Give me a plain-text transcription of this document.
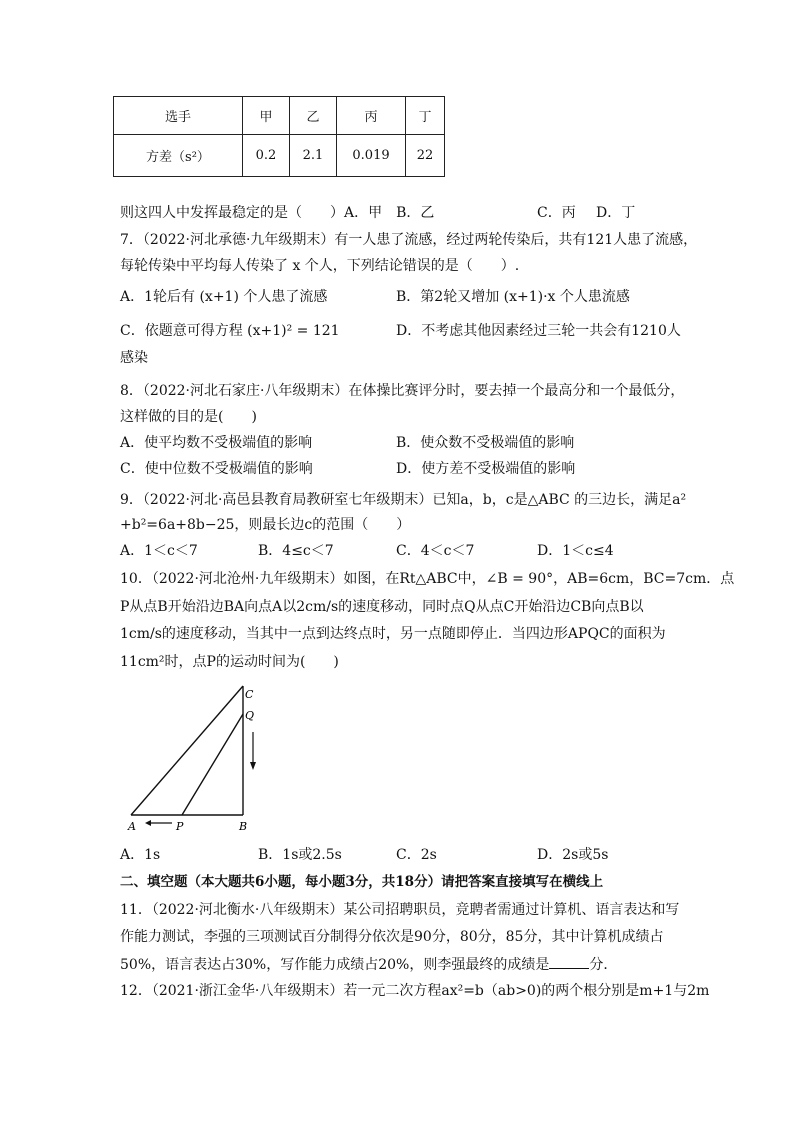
选手	甲	乙	丙	丁
方差（s²）	0.2	2.1	0.019	22
则这四人中发挥最稳定的是（　　）A．甲　B．乙	C．丙 D．丁
7．（2022·河北承德·九年级期末）有一人患了流感，经过两轮传染后，共有121人患了流感，
每轮传染中平均每人传染了 x 个人，下列结论错误的是（　　）.
A．1轮后有 (x+1) 个人患了流感	B．第2轮又增加 (x+1)·x 个人患流感
C．依题意可得方程 (x+1)² = 121	D．不考虑其他因素经过三轮一共会有1210人
感染
8．（2022·河北石家庄·八年级期末）在体操比赛评分时，要去掉一个最高分和一个最低分，
这样做的目的是(　　)
A．使平均数不受极端值的影响	B．使众数不受极端值的影响
C．使中位数不受极端值的影响	D．使方差不受极端值的影响
9．（2022·河北·高邑县教育局教研室七年级期末）已知a，b，c是△ABC 的三边长，满足a²
+b²=6a+8b−25，则最长边c的范围（　　）
A．1＜c＜7	B．4≤c＜7	C．4＜c＜7	D．1＜c≤4
10．（2022·河北沧州·九年级期末）如图，在Rt△ABC中，∠B = 90°，AB=6cm，BC=7cm．点
P从点B开始沿边BA向点A以2cm/s的速度移动，同时点Q从点C开始沿边CB向点B以
1cm/s的速度移动，当其中一点到达终点时，另一点随即停止．当四边形APQC的面积为
11cm²时，点P的运动时间为(　　)
C
Q
A	P	B
A．1s	B．1s或2.5s	C．2s	D．2s或5s
二、填空题（本大题共6小题，每小题3分，共18分）请把答案直接填写在横线上
11．（2022·河北衡水·八年级期末）某公司招聘职员，竞聘者需通过计算机、语言表达和写
作能力测试，李强的三项测试百分制得分依次是90分，80分，85分，其中计算机成绩占
50%，语言表达占30%，写作能力成绩占20%，则李强最终的成绩是	分．
12．（2021·浙江金华·八年级期末）若一元二次方程ax²=b（ab>0)的两个根分别是m+1与2m
